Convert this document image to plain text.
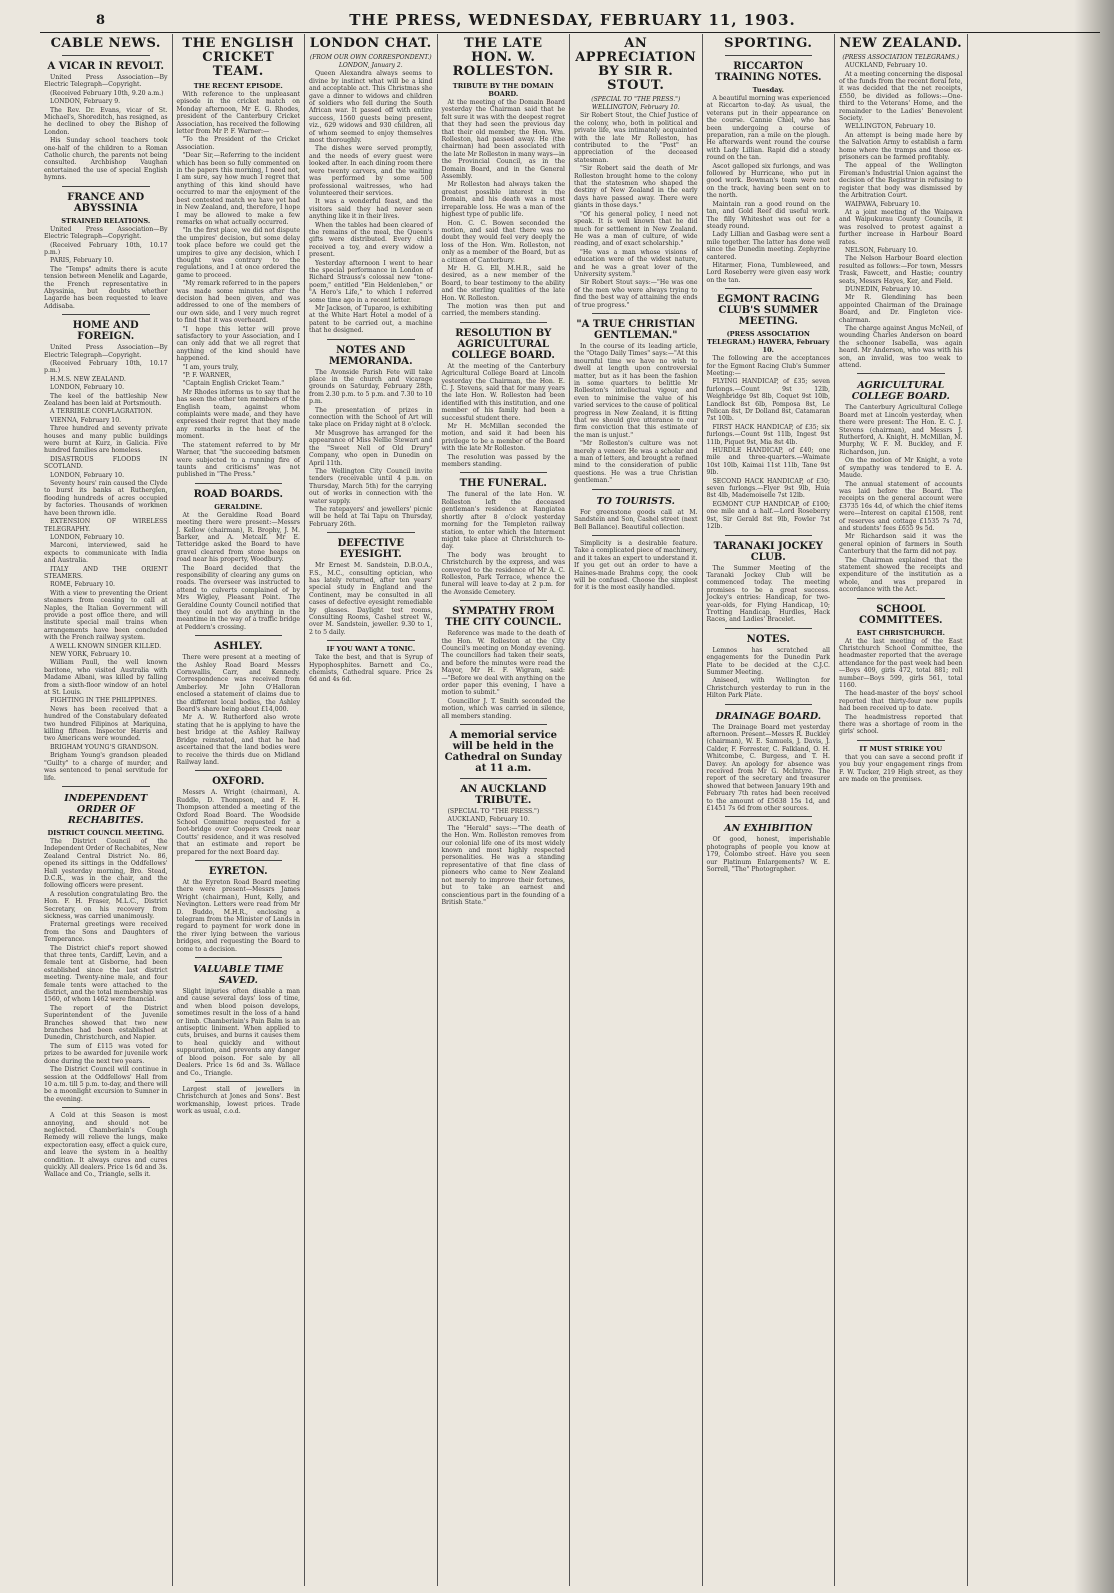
8	THE PRESS, WEDNESDAY, FEBRUARY 11, 1903.
CABLE NEWS.
A VICAR IN REVOLT.

United Press Association—By Electric Telegraph—Copyright.

(Received February 10th, 9.20 a.m.)

LONDON, February 9.

The Rev. Dr. Evans, vicar of St. Michael's, Shoreditch, has resigned, as he declined to obey the Bishop of London.

His Sunday school teachers took one-half of the children to a Roman Catholic church, the parents not being consulted. Archbishop Vaughan entertained the use of special English hymns.

FRANCE AND ABYSSINIA
STRAINED RELATIONS.

United Press Association—By Electric Telegraph—Copyright.

(Received February 10th, 10.17 p.m.)

PARIS, February 10.

The "Temps" admits there is acute tension between Menelik and Lagarde, the French representative in Abyssinia, but doubts whether Lagarde has been requested to leave Addisaba.

HOME AND FOREIGN.

United Press Association—By Electric Telegraph—Copyright.

(Received February 10th, 10.17 p.m.)

H.M.S. NEW ZEALAND.

LONDON, February 10.

The keel of the battleship New Zealand has been laid at Portsmouth.

A TERRIBLE CONFLAGRATION.

VIENNA, February 10.

Three hundred and seventy private houses and many public buildings were burnt at Kurz, in Galicia. Five hundred families are homeless.

DISASTROUS FLOODS IN SCOTLAND.

LONDON, February 10.

Seventy hours' rain caused the Clyde to burst its banks at Rutherglen, flooding hundreds of acres occupied by factories. Thousands of workmen have been thrown idle.

EXTENSION OF WIRELESS TELEGRAPHY.

LONDON, February 10.

Marconi, interviewed, said he expects to communicate with India and Australia.

ITALY AND THE ORIENT STEAMERS.

ROME, February 10.

With a view to preventing the Orient steamers from ceasing to call at Naples, the Italian Government will provide a post office there, and will institute special mail trains when arrangements have been concluded with the French railway system.

A WELL KNOWN SINGER KILLED.

NEW YORK, February 10.

William Paull, the well known baritone, who visited Australia with Madame Albani, was killed by falling from a sixth-floor window of an hotel at St. Louis.

FIGHTING IN THE PHILIPPINES.

News has been received that a hundred of the Constabulary defeated two hundred Filipinos at Mariquina, killing fifteen. Inspector Harris and two Americans were wounded.

BRIGHAM YOUNG'S GRANDSON.

Brigham Young's grandson pleaded "Guilty" to a charge of murder, and was sentenced to penal servitude for life.

INDEPENDENT ORDER OF RECHABITES.
DISTRICT COUNCIL MEETING.

The District Council of the Independent Order of Rechabites, New Zealand Central District No. 86, opened its sittings in the Oddfellows' Hall yesterday morning, Bro. Stead, D.C.R., was in the chair, and the following officers were present.

A resolution congratulating Bro. the Hon. F. H. Fraser, M.L.C., District Secretary, on his recovery from sickness, was carried unanimously.

Fraternal greetings were received from the Sons and Daughters of Temperance.

The District chief's report showed that three tents, Cardiff, Levin, and a female tent at Gisborne, had been established since the last district meeting. Twenty-nine male, and four female tents were attached to the district, and the total membership was 1560, of whom 1462 were financial.

The report of the District Superintendent of the Juvenile Branches showed that two new branches had been established at Dunedin, Christchurch, and Napier.

The sum of £115 was voted for prizes to be awarded for juvenile work done during the next two years.

The District Council will continue in session at the Oddfellows' Hall from 10 a.m. till 5 p.m. to-day, and there will be a moonlight excursion to Sumner in the evening.

A Cold at this Season is most annoying, and should not be neglected. Chamberlain's Cough Remedy will relieve the lungs, make expectoration easy, effect a quick cure, and leave the system in a healthy condition. It always cures and cures quickly. All dealers. Price 1s 6d and 3s. Wallace and Co., Triangle, sells it.

THE ENGLISH CRICKET TEAM.
THE RECENT EPISODE.

With reference to the unpleasant episode in the cricket match on Monday afternoon, Mr E. G. Rhodes, president of the Canterbury Cricket Association, has received the following letter from Mr P. F. Warner:—

"To the President of the Cricket Association.

"Dear Sir,—Referring to the incident which has been so fully commented on in the papers this morning, I need not, I am sure, say how much I regret that anything of this kind should have occurred to mar the enjoyment of the best contested match we have yet had in New Zealand, and, therefore, I hope I may be allowed to make a few remarks on what actually occurred.

"In the first place, we did not dispute the umpires' decision, but some delay took place before we could get the umpires to give any decision, which I thought was contrary to the regulations, and I at once ordered the game to proceed.

"My remark referred to in the papers was made some minutes after the decision had been given, and was addressed to one of the members of our own side, and I very much regret to find that it was overheard.

"I hope this letter will prove satisfactory to your Association, and I can only add that we all regret that anything of the kind should have happened.

"I am, yours truly,

"P. F. WARNER,

"Captain English Cricket Team."

Mr Rhodes informs us to say that he has seen the other ten members of the English team, against whom complaints were made, and they have expressed their regret that they made any remarks in the heat of the moment.

The statement referred to by Mr Warner, that "the succeeding batsmen were subjected to a running fire of taunts and criticisms" was not published in "The Press."

ROAD BOARDS.
GERALDINE.

At the Geraldine Road Board meeting there were present:—Messrs J. Kellow (chairman), R. Brophy, J. M. Barker, and A. Metcalf. Mr E. Tetteridge asked the Board to have gravel cleared from stone heaps on road near his property, Woodbury.

The Board decided that the responsibility of clearing any gums on roads. The overseer was instructed to attend to culverts complained of by Mrs Wigley, Pleasant Point. The Geraldine County Council notified that they could not do anything in the meantime in the way of a traffic bridge at Peddern's crossing.

ASHLEY.

There were present at a meeting of the Ashley Road Board Messrs Cornwallis, Carr, and Kennedy. Correspondence was received from Amberley. Mr John O'Halloran enclosed a statement of claims due to the different local bodies, the Ashley Board's share being about £14,000.

Mr A. W. Rutherford also wrote stating that he is applying to have the best bridge at the Ashley Railway Bridge reinstated, and that he had ascertained that the land bodies were to receive the thirds due on Midland Railway land.

OXFORD.

Messrs A. Wright (chairman), A. Ruddle, D. Thompson, and F. H. Thompson attended a meeting of the Oxford Road Board. The Woodside School Committee requested for a foot-bridge over Coopers Creek near Coutts' residence, and it was resolved that an estimate and report be prepared for the next Board day.

EYRETON.

At the Eyreton Road Board meeting there were present—Messrs James Wright (chairman), Hunt, Kelly, and Nevington. Letters were read from Mr D. Buddo, M.H.R., enclosing a telegram from the Minister of Lands in regard to payment for work done in the river lying between the various bridges, and requesting the Board to come to a decision.

VALUABLE TIME SAVED.

Slight injuries often disable a man and cause several days' loss of time, and when blood poison develops, sometimes result in the loss of a hand or limb. Chamberlain's Pain Balm is an antiseptic liniment. When applied to cuts, bruises, and burns it causes them to heal quickly and without suppuration, and prevents any danger of blood poison. For sale by all Dealers. Price 1s 6d and 3s. Wallace and Co., Triangle.

Largest stall of jewellers in Christchurch at Jones and Sons'. Best workmanship, lowest prices. Trade work as usual, c.o.d.

LONDON CHAT.
(FROM OUR OWN CORRESPONDENT.)
LONDON, January 2.

Queen Alexandra always seems to divine by instinct what will be a kind and acceptable act. This Christmas she gave a dinner to widows and children of soldiers who fell during the South African war. It passed off with entire success, 1560 guests being present, viz., 629 widows and 930 children, all of whom seemed to enjoy themselves most thoroughly.

The dishes were served promptly, and the needs of every guest were looked after. In each dining room there were twenty carvers, and the waiting was performed by some 500 professional waitresses, who had volunteered their services.

It was a wonderful feast, and the visitors said they had never seen anything like it in their lives.

When the tables had been cleared of the remains of the meal, the Queen's gifts were distributed. Every child received a toy, and every widow a present.

Yesterday afternoon I went to hear the special performance in London of Richard Strauss's colossal new "tone-poem," entitled "Ein Heldenleben," or "A Hero's Life," to which I referred some time ago in a recent letter.

Mr Jackson, of Tuparoo, is exhibiting at the White Hart Hotel a model of a patent to be carried out, a machine that he designed.

NOTES AND MEMORANDA.

The Avonside Parish Fete will take place in the church and vicarage grounds on Saturday, February 28th, from 2.30 p.m. to 5 p.m. and 7.30 to 10 p.m.

The presentation of prizes in connection with the School of Art will take place on Friday night at 8 o'clock.

Mr Musgrove has arranged for the appearance of Miss Nellie Stewart and the "Sweet Nell of Old Drury" Company, who open in Dunedin on April 11th.

The Wellington City Council invite tenders (receivable until 4 p.m. on Thursday, March 5th) for the carrying out of works in connection with the water supply.

The ratepayers' and jewellers' picnic will be held at Tai Tapu on Thursday, February 26th.

DEFECTIVE EYESIGHT.

Mr Ernest M. Sandstein, D.B.O.A., F.S., M.C., consulting optician, who has lately returned, after ten years' special study in England and the Continent, may be consulted in all cases of defective eyesight remediable by glasses. Daylight test rooms, Consulting Rooms, Cashel street W., over M. Sandstein, jeweller. 9.30 to 1, 2 to 5 daily.

IF YOU WANT A TONIC.

Take the best, and that is Syrup of Hypophosphites. Barnett and Co., chemists, Cathedral square. Price 2s 6d and 4s 6d.

THE LATE HON. W. ROLLESTON.
TRIBUTE BY THE DOMAIN BOARD.

At the meeting of the Domain Board yesterday the Chairman said that he felt sure it was with the deepest regret that they had seen the previous day that their old member, the Hon. Wm. Rolleston, had passed away. He (the chairman) had been associated with the late Mr Rolleston in many ways—in the Provincial Council, as in the Domain Board, and in the General Assembly.

Mr Rolleston had always taken the greatest possible interest in the Domain, and his death was a most irreparable loss. He was a man of the highest type of public life.

Hon. C. C. Bowen seconded the motion, and said that there was no doubt they would feel very deeply the loss of the Hon. Wm. Rolleston, not only as a member of the Board, but as a citizen of Canterbury.

Mr H. G. Ell, M.H.R., said he desired, as a new member of the Board, to bear testimony to the ability and the sterling qualities of the late Hon. W. Rolleston.

The motion was then put and carried, the members standing.

RESOLUTION BY AGRICULTURAL COLLEGE BOARD.

At the meeting of the Canterbury Agricultural College Board at Lincoln yesterday the Chairman, the Hon. E. C. J. Stevens, said that for many years the late Hon. W. Rolleston had been identified with this institution, and one member of his family had been a successful student there.

Mr H. McMillan seconded the motion, and said it had been his privilege to be a member of the Board with the late Mr Rolleston.

The resolution was passed by the members standing.

THE FUNERAL.

The funeral of the late Hon. W. Rolleston left the deceased gentleman's residence at Rangiatea shortly after 8 o'clock yesterday morning for the Templeton railway station, to enter which the Interment might take place at Christchurch to-day.

The body was brought to Christchurch by the express, and was conveyed to the residence of Mr A. C. Rolleston, Park Terrace, whence the funeral will leave to-day at 2 p.m. for the Avonside Cemetery.

SYMPATHY FROM THE CITY COUNCIL.

Reference was made to the death of the Hon. W. Rolleston at the City Council's meeting on Monday evening. The councillors had taken their seats, and before the minutes were read the Mayor, Mr H. F. Wigram, said:—"Before we deal with anything on the order paper this evening, I have a motion to submit."

Councillor J. T. Smith seconded the motion, which was carried in silence, all members standing.

A memorial service will be held in the Cathedral on Sunday at 11 a.m.
AN AUCKLAND TRIBUTE.

(SPECIAL TO "THE PRESS.")

AUCKLAND, February 10.

The "Herald" says:—"The death of the Hon. Wm. Rolleston removes from our colonial life one of its most widely known and most highly respected personalities. He was a standing representative of that fine class of pioneers who came to New Zealand not merely to improve their fortunes, but to take an earnest and conscientious part in the founding of a British State."

AN APPRECIATION BY SIR R. STOUT.
(SPECIAL TO "THE PRESS.")
WELLINGTON, February 10.

Sir Robert Stout, the Chief Justice of the colony, who, both in political and private life, was intimately acquainted with the late Mr Rolleston, has contributed to the "Post" an appreciation of the deceased statesman.

"Sir Robert said the death of Mr Rolleston brought home to the colony that the statesmen who shaped the destiny of New Zealand in the early days have passed away. There were giants in those days."

"Of his general policy, I need not speak. It is well known that he did much for settlement in New Zealand. He was a man of culture, of wide reading, and of exact scholarship."

"He was a man whose visions of education were of the widest nature, and he was a great lover of the University system."

Sir Robert Stout says:—"He was one of the men who were always trying to find the best way of attaining the ends of true progress."

"A TRUE CHRISTIAN GENTLEMAN."

In the course of its leading article, the "Otago Daily Times" says:—"At this mournful time we have no wish to dwell at length upon controversial matter, but as it has been the fashion in some quarters to belittle Mr Rolleston's intellectual vigour, and even to minimise the value of his varied services to the cause of political progress in New Zealand, it is fitting that we should give utterance to our firm conviction that this estimate of the man is unjust."

"Mr Rolleston's culture was not merely a veneer. He was a scholar and a man of letters, and brought a refined mind to the consideration of public questions. He was a true Christian gentleman."

TO TOURISTS.

For greenstone goods call at M. Sandstein and Son, Cashel street (next Bell Ballance). Beautiful collection.

Simplicity is a desirable feature. Take a complicated piece of machinery, and it takes an expert to understand it. If you get out an order to have a Haines-made Brahms copy, the cook will be confused. Choose the simplest for it is the most easily handled.

SPORTING.
RICCARTON TRAINING NOTES.
Tuesday.

A beautiful morning was experienced at Riccarton to-day. As usual, the veterans put in their appearance on the course. Cannie Chiel, who has been undergoing a course of preparation, ran a mile on the plough. He afterwards went round the course with Lady Lillian. Rapid did a steady round on the tan.

Ascot galloped six furlongs, and was followed by Hurricane, who put in good work. Bowman's team were not on the track, having been sent on to the north.

Maintain ran a good round on the tan, and Gold Reef did useful work. The filly Whiteshot was out for a steady round.

Lady Lillian and Gasbag were sent a mile together. The latter has done well since the Dunedin meeting. Zephyrine cantered.

Hitarmer, Fiona, Tumbleweed, and Lord Roseberry were given easy work on the tan.

EGMONT RACING CLUB'S SUMMER MEETING.
(PRESS ASSOCIATION TELEGRAM.) HAWERA, February 10.

The following are the acceptances for the Egmont Racing Club's Summer Meeting:—

FLYING HANDICAP, of £35; seven furlongs.—Count 9st 12lb, Weighbridge 9st 8lb, Coquet 9st 10lb, Landlock 8st 6lb, Pomposa 8st, Le Pelican 8st, Dr Dolland 8st, Catamaran 7st 10lb.

FIRST HACK HANDICAP, of £35; six furlongs.—Count 9st 11lb, Ingest 9st 11lb, Piquet 9st, Mia 8st 4lb.

HURDLE HANDICAP, of £40; one mile and three-quarters.—Waimate 10st 10lb, Kaimai 11st 11lb, Tane 9st 9lb.

SECOND HACK HANDICAP, of £30; seven furlongs.—Flyer 9st 9lb, Huia 8st 4lb, Mademoiselle 7st 12lb.

EGMONT CUP HANDICAP, of £100; one mile and a half.—Lord Roseberry 9st, Sir Gerald 8st 9lb, Fowler 7st 12lb.

TARANAKI JOCKEY CLUB.

The Summer Meeting of the Taranaki Jockey Club will be commenced today. The meeting promises to be a great success. Jockey's entries: Handicap, for two-year-olds, for Flying Handicap, 10; Trotting Handicap, Hurdles, Hack Races, and Ladies' Bracelet.

NOTES.

Lemnos has scratched all engagements for the Dunedin Park Plate to be decided at the C.J.C. Summer Meeting.

Aniseed, with Wellington for Christchurch yesterday to run in the Hilton Park Plate.

DRAINAGE BOARD.

The Drainage Board met yesterday afternoon. Present—Messrs R. Buckley (chairman), W. E. Samuels, J. Davis, J. Calder, F. Forrester, C. Falkland, O. H. Whitcombe, C. Burgess, and T. H. Davey. An apology for absence was received from Mr G. McIntyre. The report of the secretary and treasurer showed that between January 19th and February 7th rates had been received to the amount of £5638 15s 1d, and £1451 7s 6d from other sources.

AN EXHIBITION

Of good, honest, imperishable photographs of people you know at 179, Colombo street. Have you seen our Platinum Enlargements? W. E. Sorrell, "The" Photographer.

NEW ZEALAND.
(PRESS ASSOCIATION TELEGRAMS.)

AUCKLAND, February 10.

At a meeting concerning the disposal of the funds from the recent floral fete, it was decided that the net receipts, £550, be divided as follows:—One-third to the Veterans' Home, and the remainder to the Ladies' Benevolent Society.

WELLINGTON, February 10.

An attempt is being made here by the Salvation Army to establish a farm home where the tramps and those ex-prisoners can be farmed profitably.

The appeal of the Wellington Fireman's Industrial Union against the decision of the Registrar in refusing to register that body was dismissed by the Arbitration Court.

WAIPAWA, February 10.

At a joint meeting of the Waipawa and Waipukurau County Councils, it was resolved to protest against a further increase in Harbour Board rates.

NELSON, February 10.

The Nelson Harbour Board election resulted as follows:—For town, Messrs Trask, Fawcett, and Hastie; country seats, Messrs Hayes, Ker, and Field.

DUNEDIN, February 10.

Mr R. Glendining has been appointed Chairman of the Drainage Board, and Dr. Fingleton vice-chairman.

The charge against Angus McNeil, of wounding Charles Anderson on board the schooner Isabella, was again heard. Mr Anderson, who was with his son, an invalid, was too weak to attend.

AGRICULTURAL COLLEGE BOARD.

The Canterbury Agricultural College Board met at Lincoln yesterday, when there were present: The Hon. E. C. J. Stevens (chairman), and Messrs J. Rutherford, A. Knight, H. McMillan, M. Murphy, W. F. M. Buckley, and F. Richardson, jun.

On the motion of Mr Knight, a vote of sympathy was tendered to E. A. Maude.

The annual statement of accounts was laid before the Board. The receipts on the general account were £3735 16s 4d, of which the chief items were—Interest on capital £1508, rent of reserves and cottage £1535 7s 7d, and students' fees £655 9s 5d.

Mr Richardson said it was the general opinion of farmers in South Canterbury that the farm did not pay.

The Chairman explained that the statement showed the receipts and expenditure of the institution as a whole, and was prepared in accordance with the Act.

SCHOOL COMMITTEES.
EAST CHRISTCHURCH.

At the last meeting of the East Christchurch School Committee, the headmaster reported that the average attendance for the past week had been—Boys 409, girls 472, total 881; roll number—Boys 599, girls 561, total 1160.

The head-master of the boys' school reported that thirty-four new pupils had been received up to date.

The headmistress reported that there was a shortage of room in the girls' school.

IT MUST STRIKE YOU

that you can save a second profit if you buy your engagement rings from F. W. Tucker, 219 High street, as they are made on the premises.
